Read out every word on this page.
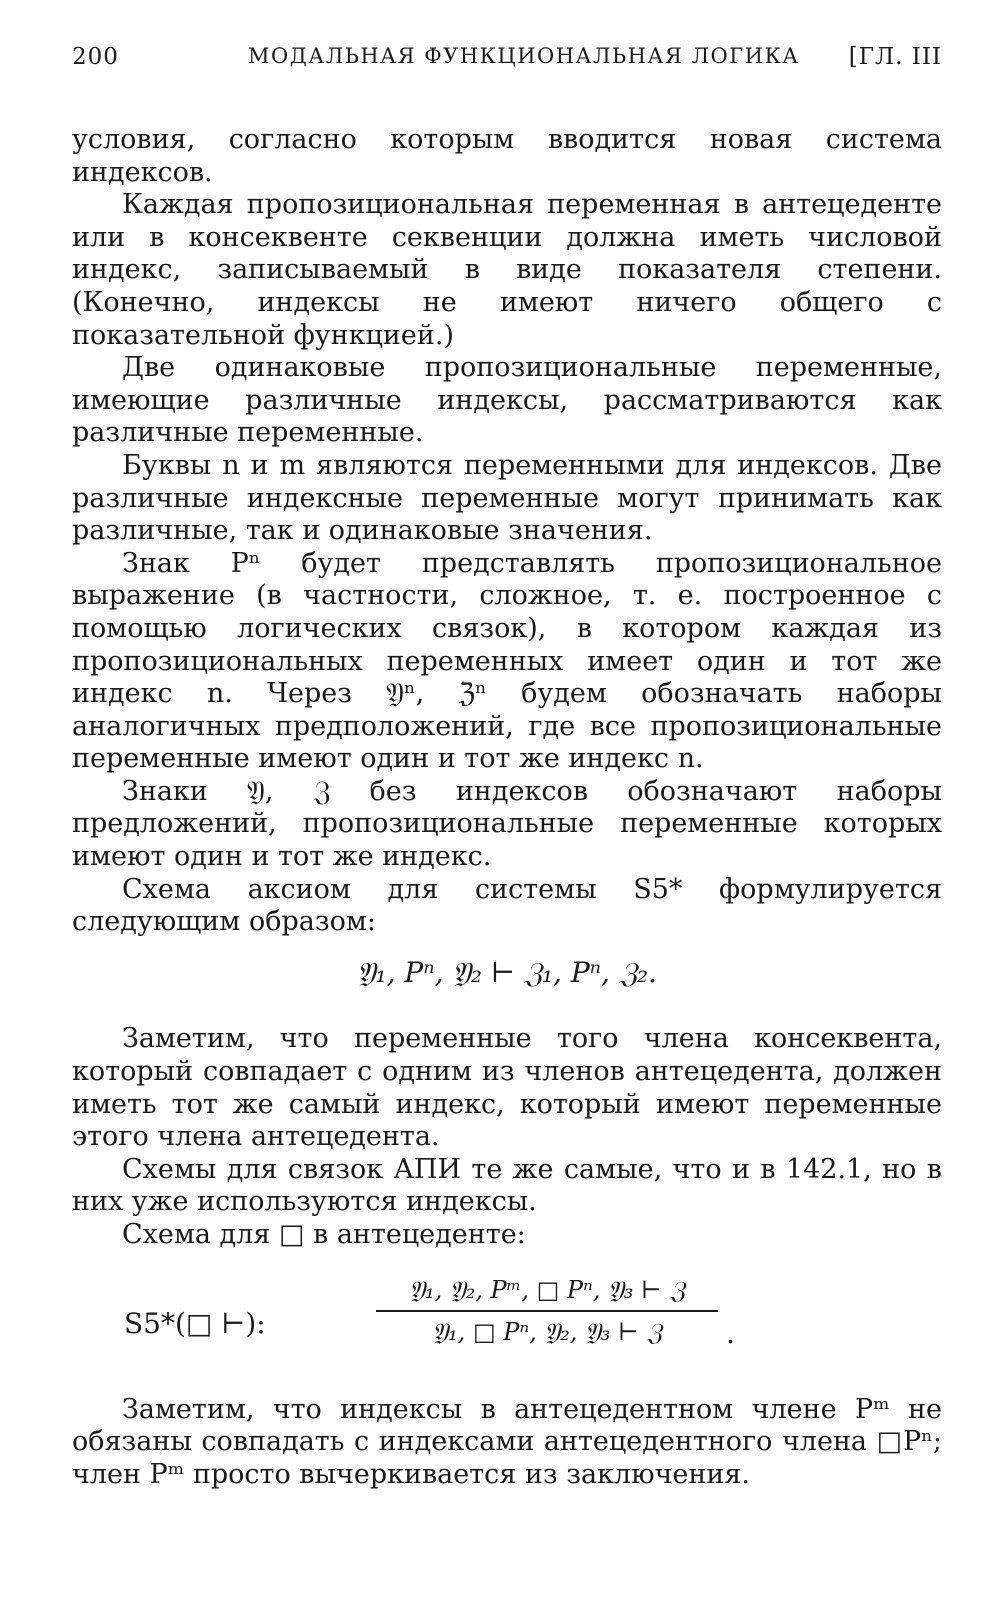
200	МОДАЛЬНАЯ ФУНКЦИОНАЛЬНАЯ ЛОГИКА [ГЛ. III

условия, согласно которым вводится новая система индексов.

Каждая пропозициональная переменная в антецеденте или в консеквенте секвенции должна иметь числовой индекс, записываемый в виде показателя степени. (Конечно, индексы не имеют ничего общего с показательной функцией.)

Две одинаковые пропозициональные переменные, имеющие различные индексы, рассматриваются как различные переменные.

Буквы n и m являются переменными для индексов. Две различные индексные переменные могут принимать как различные, так и одинаковые значения.

Знак Pⁿ будет представлять пропозициональное выражение (в частности, сложное, т. е. построенное с помощью логических связок), в котором каждая из пропозициональных переменных имеет один и тот же индекс n. Через 𝔜ⁿ, ℨⁿ будем обозначать наборы аналогичных предположений, где все пропозициональные переменные имеют один и тот же индекс n.

Знаки 𝔜, ℨ без индексов обозначают наборы предложений, пропозициональные переменные которых имеют один и тот же индекс.

Схема аксиом для системы S5* формулируется следующим образом:

𝔜₁, Pⁿ, 𝔜₂ ⊢ ℨ₁, Pⁿ, ℨ₂.

Заметим, что переменные того члена консеквента, который совпадает с одним из членов антецедента, должен иметь тот же самый индекс, который имеют переменные этого члена антецедента.

Схемы для связок АПИ те же самые, что и в 142.1, но в них уже используются индексы.

Схема для □ в антецеденте:

S5*(□ ⊢):
𝔜₁, 𝔜₂, Pᵐ, □ Pⁿ, 𝔜₃ ⊢ ℨ
𝔜₁, □ Pⁿ, 𝔜₂, 𝔜₃ ⊢ ℨ	.

Заметим, что индексы в антецедентном члене Pᵐ не обязаны совпадать с индексами антецедентного члена □Pⁿ; член Pᵐ просто вычеркивается из заключения.
